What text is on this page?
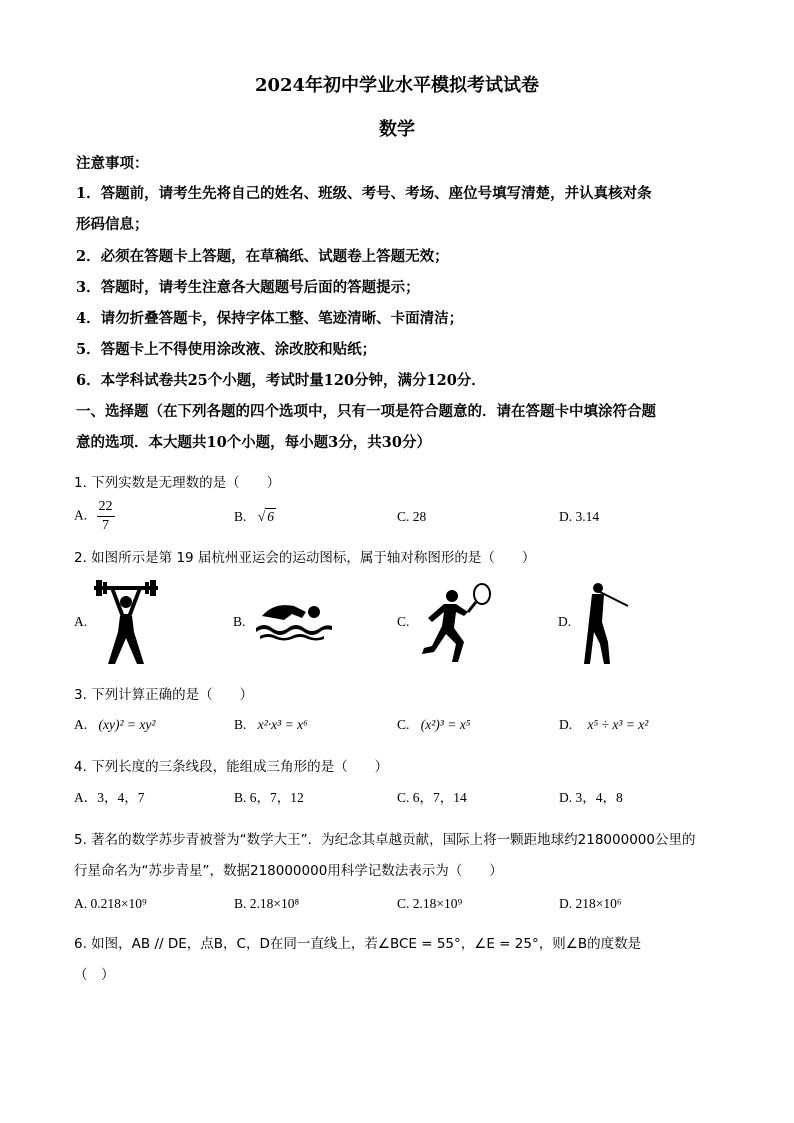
2024年初中学业水平模拟考试试卷
数学
注意事项：
1．答题前，请考生先将自己的姓名、班级、考号、考场、座位号填写清楚，并认真核对条
形码信息；
2．必须在答题卡上答题，在草稿纸、试题卷上答题无效；
3．答题时，请考生注意各大题题号后面的答题提示；
4．请勿折叠答题卡，保持字体工整、笔迹清晰、卡面清洁；
5．答题卡上不得使用涂改液、涂改胶和贴纸；
6．本学科试卷共25个小题，考试时量120分钟，满分120分．
一、选择题（在下列各题的四个选项中，只有一项是符合题意的．请在答题卡中填涂符合题
意的选项．本大题共10个小题，每小题3分，共30分）
1. 下列实数是无理数的是（　　）
A. $\frac{22}{7}$	B. √ 6	C. 28	D. 3.14
2. 如图所示是第 19 届杭州亚运会的运动图标，属于轴对称图形的是（　　）
A.	B.	C.	D.
3. 下列计算正确的是（　　）
A. (xy)² = xy²	B. x²·x³ = x⁶	C. (x²)³ = x⁵	D. x⁵ ÷ x³ = x²
4. 下列长度的三条线段，能组成三角形的是（　　）
A．3，4，7	B. 6，7，12	C. 6，7，14	D. 3，4，8
5. 著名的数学苏步青被誉为“数学大王”．为纪念其卓越贡献，国际上将一颗距地球约218000000公里的
行星命名为“苏步青星”，数据218000000用科学记数法表示为（　　）
A. 0.218×10⁹	B. 2.18×10⁸	C. 2.18×10⁹	D. 218×10⁶
6. 如图，AB // DE，点B，C，D在同一直线上，若∠BCE = 55°，∠E = 25°，则∠B的度数是
（　）
